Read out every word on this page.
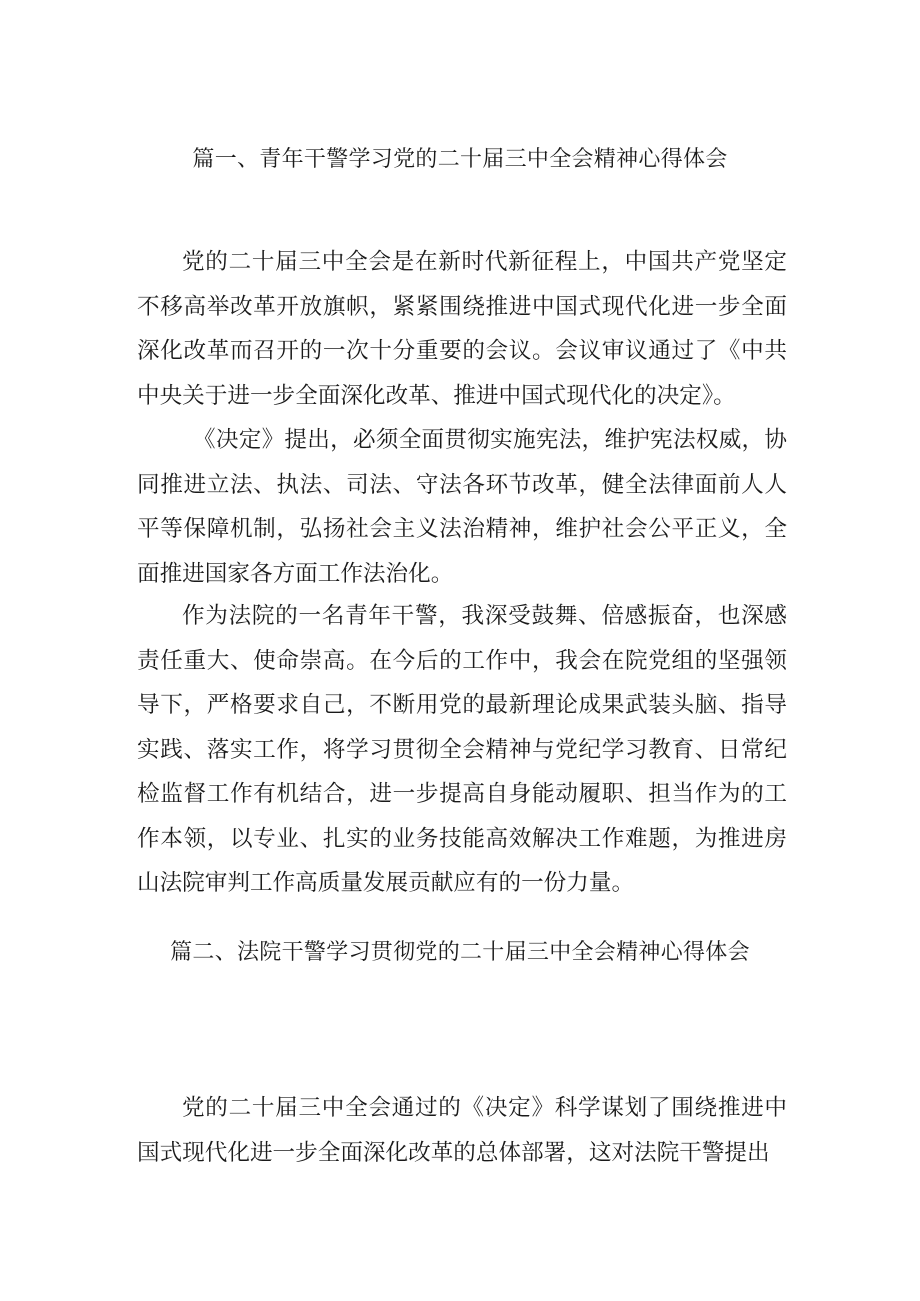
篇一、青年干警学习党的二十届三中全会精神心得体会

党的二十届三中全会是在新时代新征程上，中国共产党坚定不移高举改革开放旗帜，紧紧围绕推进中国式现代化进一步全面深化改革而召开的一次十分重要的会议。会议审议通过了《中共中央关于进一步全面深化改革、推进中国式现代化的决定》。

《决定》提出，必须全面贯彻实施宪法，维护宪法权威，协同推进立法、执法、司法、守法各环节改革，健全法律面前人人平等保障机制，弘扬社会主义法治精神，维护社会公平正义，全面推进国家各方面工作法治化。

作为法院的一名青年干警，我深受鼓舞、倍感振奋，也深感责任重大、使命崇高。在今后的工作中，我会在院党组的坚强领导下，严格要求自己，不断用党的最新理论成果武装头脑、指导实践、落实工作，将学习贯彻全会精神与党纪学习教育、日常纪检监督工作有机结合，进一步提高自身能动履职、担当作为的工作本领，以专业、扎实的业务技能高效解决工作难题，为推进房山法院审判工作高质量发展贡献应有的一份力量。

篇二、法院干警学习贯彻党的二十届三中全会精神心得体会

党的二十届三中全会通过的《决定》科学谋划了围绕推进中国式现代化进一步全面深化改革的总体部署，这对法院干警提出
